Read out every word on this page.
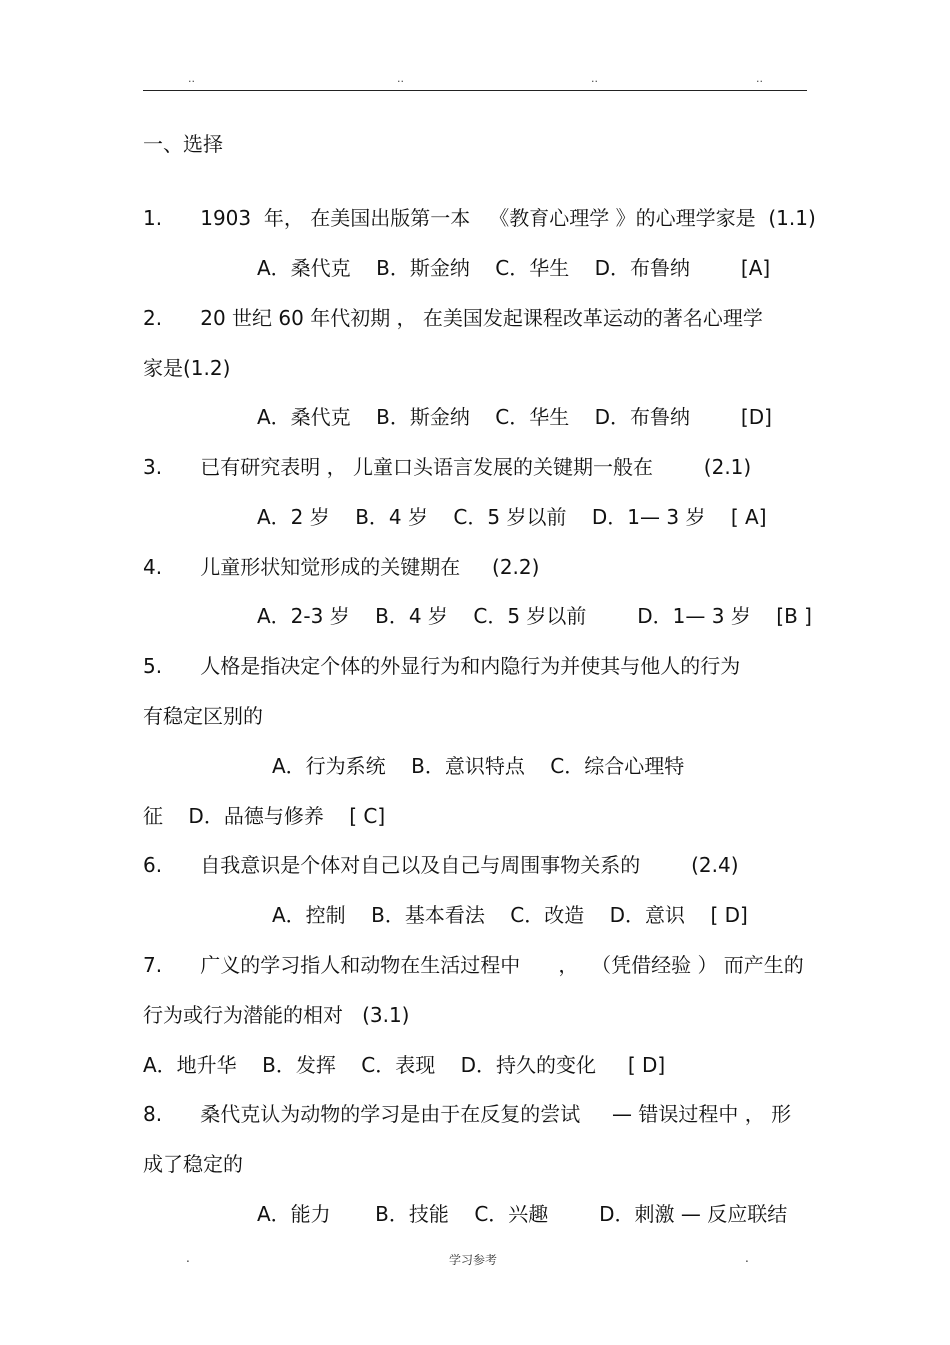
..	..	..	..
一、选择
1.      1903  年， 在美国出版第一本   《教育心理学 》的心理学家是  (1.1)
A．桑代克    B．斯金纳    C．华生    D．布鲁纳        [A]
2.      20 世纪 60 年代初期 ， 在美国发起课程改革运动的著名心理学
家是(1.2)
A．桑代克    B．斯金纳    C．华生    D．布鲁纳        [D]
3.      已有研究表明 ， 儿童口头语言发展的关键期一般在        (2.1)
A．2 岁    B．4 岁    C．5 岁以前    D．1— 3 岁    [ A]
4.      儿童形状知觉形成的关键期在     (2.2)
A．2-3 岁    B．4 岁    C．5 岁以前        D．1— 3 岁    [B ]
5.      人格是指决定个体的外显行为和内隐行为并使其与他人的行为
有稳定区别的
A．行为系统    B．意识特点    C．综合心理特
征    D．品德与修养    [ C]
6.      自我意识是个体对自己以及自己与周围事物关系的        (2.4)
A．控制    B．基本看法    C．改造    D．意识    [ D]
7.      广义的学习指人和动物在生活过程中      ，  （凭借经验 ） 而产生的
行为或行为潜能的相对   (3.1)
A．地升华    B．发挥    C．表现    D．持久的变化     [ D]
8.      桑代克认为动物的学习是由于在反复的尝试     — 错误过程中 ， 形
成了稳定的
A．能力       B．技能    C．兴趣        D．刺激 — 反应联结
.	学习参考	.
